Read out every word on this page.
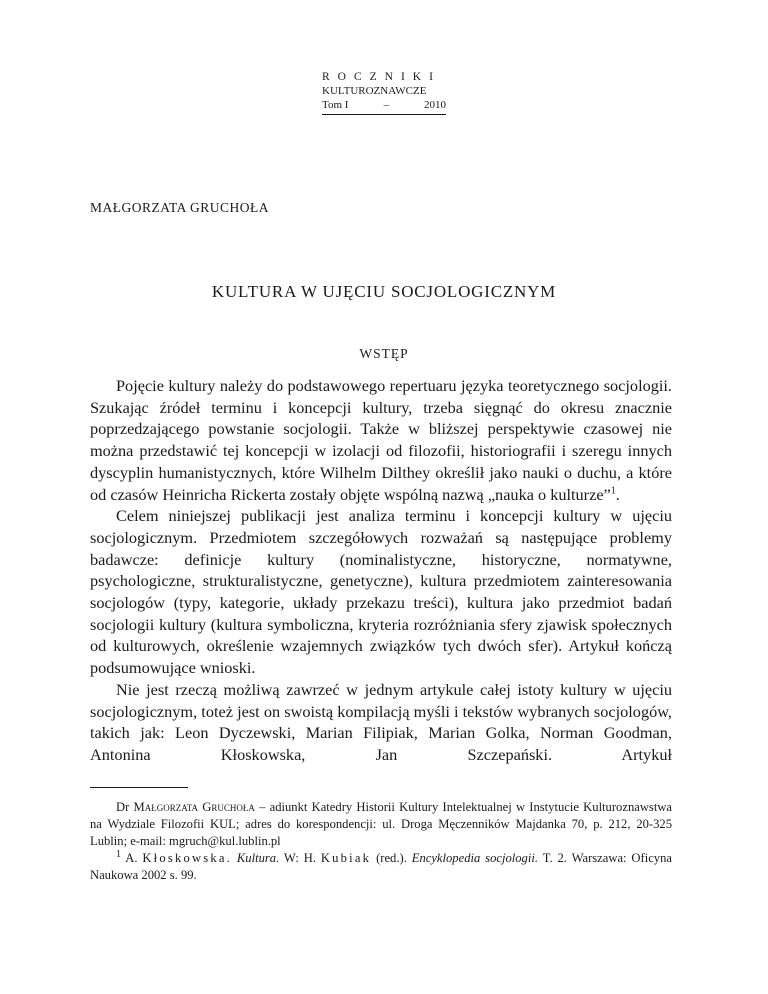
ROCZNIKI
KULTUROZNAWCZE
Tom I	–	2010
MAŁGORZATA GRUCHOŁA
KULTURA W UJĘCIU SOCJOLOGICZNYM
WSTĘP

Pojęcie kultury należy do podstawowego repertuaru języka teoretycznego socjologii. Szukając źródeł terminu i koncepcji kultury, trzeba sięgnąć do okresu znacznie poprzedzającego powstanie socjologii. Także w bliższej perspektywie czasowej nie można przedstawić tej koncepcji w izolacji od filozofii, historiografii i szeregu innych dyscyplin humanistycznych, które Wilhelm Dilthey określił jako nauki o duchu, a które od czasów Heinricha Rickerta zostały objęte wspólną nazwą „nauka o kulturze”$^1$.

Celem niniejszej publikacji jest analiza terminu i koncepcji kultury w ujęciu socjologicznym. Przedmiotem szczegółowych rozważań są następujące problemy badawcze: definicje kultury (nominalistyczne, historyczne, normatywne, psychologiczne, strukturalistyczne, genetyczne), kultura przedmiotem zainteresowania socjologów (typy, kategorie, układy przekazu treści), kultura jako przedmiot badań socjologii kultury (kultura symboliczna, kryteria rozróżniania sfery zjawisk społecznych od kulturowych, określenie wzajemnych związków tych dwóch sfer). Artykuł kończą podsumowujące wnioski.

Nie jest rzeczą możliwą zawrzeć w jednym artykule całej istoty kultury w ujęciu socjologicznym, toteż jest on swoistą kompilacją myśli i tekstów wybranych socjologów, takich jak: Leon Dyczewski, Marian Filipiak, Marian Golka, Norman Goodman, Antonina Kłoskowska, Jan Szczepański. Artykuł

Dr Małgorzata Gruchoła – adiunkt Katedry Historii Kultury Intelektualnej w Instytucie Kulturoznawstwa na Wydziale Filozofii KUL; adres do korespondencji: ul. Droga Męczenników Majdanka 70, p. 212, 20-325 Lublin; e-mail: mgruch@kul.lublin.pl

$^1$ A. Kłoskowska. Kultura. W: H. Kubiak (red.). Encyklopedia socjologii. T. 2. Warszawa: Oficyna Naukowa 2002 s. 99.
